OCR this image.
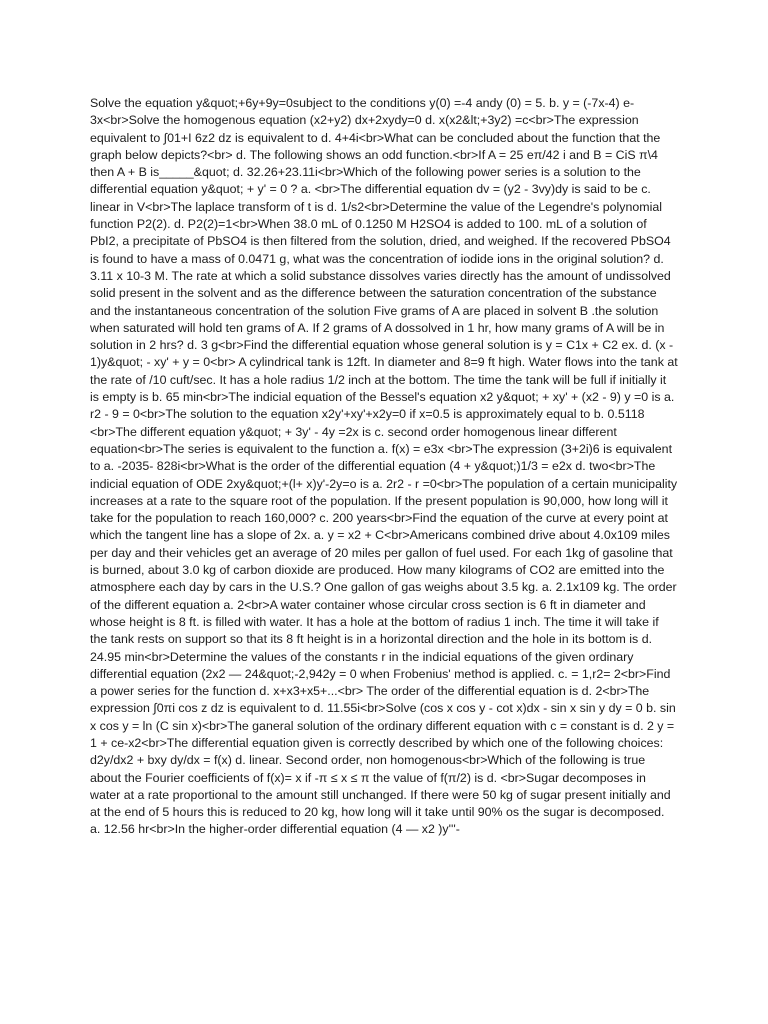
Solve the equation y&quot;+6y+9y=0subject to the conditions y(0) =-4 andy (0) = 5. b. y = (-7x-4) e-3x<br>Solve the homogenous equation (x2+y2) dx+2xydy=0 d. x(x2&lt;+3y2) =c<br>The expression equivalent to ∫01+I 6z2 dz is equivalent to d. 4+4i<br>What can be concluded about the function that the graph below depicts?<br> d. The following shows an odd function.<br>If A = 25 eπ/42 i and B = CiS π\4 then A + B is_____&quot; d. 32.26+23.11i<br>Which of the following power series is a solution to the differential equation y&quot; + y' = 0 ? a. <br>The differential equation dv = (y2 - 3vy)dy is said to be c. linear in V<br>The laplace transform of t is d. 1/s2<br>Determine the value of the Legendre's polynomial function P2(2). d. P2(2)=1<br>When 38.0 mL of 0.1250 M H2SO4 is added to 100. mL of a solution of PbI2, a precipitate of PbSO4 is then filtered from the solution, dried, and weighed. If the recovered PbSO4 is found to have a mass of 0.0471 g, what was the concentration of iodide ions in the original solution? d. 3.11 x 10-3 M. The rate at which a solid substance dissolves varies directly has the amount of undissolved solid present in the solvent and as the difference between the saturation concentration of the substance and the instantaneous concentration of the solution Five grams of A are placed in solvent B .the solution when saturated will hold ten grams of A. If 2 grams of A dossolved in 1 hr, how many grams of A will be in solution in 2 hrs? d. 3 g<br>Find the differential equation whose general solution is y = C1x + C2 ex. d. (x - 1)y&quot; - xy' + y = 0<br> A cylindrical tank is 12ft. In diameter and 8=9 ft high. Water flows into the tank at the rate of /10 cuft/sec. It has a hole radius 1/2 inch at the bottom. The time the tank will be full if initially it is empty is b. 65 min<br>The indicial equation of the Bessel's equation x2 y&quot; + xy' + (x2 - 9) y =0 is a. r2 - 9 = 0<br>The solution to the equation x2y'+xy'+x2y=0 if x=0.5 is approximately equal to b. 0.5118 <br>The different equation y&quot; + 3y' - 4y =2x is c. second order homogenous linear different equation<br>The series is equivalent to the function a. f(x) = e3x <br>The expression (3+2i)6 is equivalent to a. -2035- 828i<br>What is the order of the differential equation (4 + y&quot;)1/3 = e2x d. two<br>The indicial equation of ODE 2xy&quot;+(l+ x)y'-2y=o is a. 2r2 - r =0<br>The population of a certain municipality increases at a rate to the square root of the population. If the present population is 90,000, how long will it take for the population to reach 160,000? c. 200 years<br>Find the equation of the curve at every point at which the tangent line has a slope of 2x. a. y = x2 + C<br>Americans combined drive about 4.0x109 miles per day and their vehicles get an average of 20 miles per gallon of fuel used. For each 1kg of gasoline that is burned, about 3.0 kg of carbon dioxide are produced. How many kilograms of CO2 are emitted into the atmosphere each day by cars in the U.S.? One gallon of gas weighs about 3.5 kg. a. 2.1x109 kg. The order of the different equation a. 2<br>A water container whose circular cross section is 6 ft in diameter and whose height is 8 ft. is filled with water. It has a hole at the bottom of radius 1 inch. The time it will take if the tank rests on support so that its 8 ft height is in a horizontal direction and the hole in its bottom is d. 24.95 min<br>Determine the values of the constants r in the indicial equations of the given ordinary differential equation (2x2 — 24&quot;-2,942y = 0 when Frobenius' method is applied. c. = 1,r2= 2<br>Find a power series for the function d. x+x3+x5+...<br> The order of the differential equation is d. 2<br>The expression ∫0πi cos z dz is equivalent to d. 11.55i<br>Solve (cos x cos y - cot x)dx - sin x sin y dy = 0 b. sin x cos y = ln (C sin x)<br>The ganeral solution of the ordinary different equation with c = constant is d. 2 y = 1 + ce-x2<br>The differential equation given is correctly described by which one of the following choices: d2y/dx2 + bxy dy/dx = f(x) d. linear. Second order, non homogenous<br>Which of the following is true about the Fourier coefficients of f(x)= x if -π ≤ x ≤ π the value of f(π/2) is d. <br>Sugar decomposes in water at a rate proportional to the amount still unchanged. If there were 50 kg of sugar present initially and at the end of 5 hours this is reduced to 20 kg, how long will it take until 90% os the sugar is decomposed. a. 12.56 hr<br>In the higher-order differential equation (4 — x2 )y'''-
